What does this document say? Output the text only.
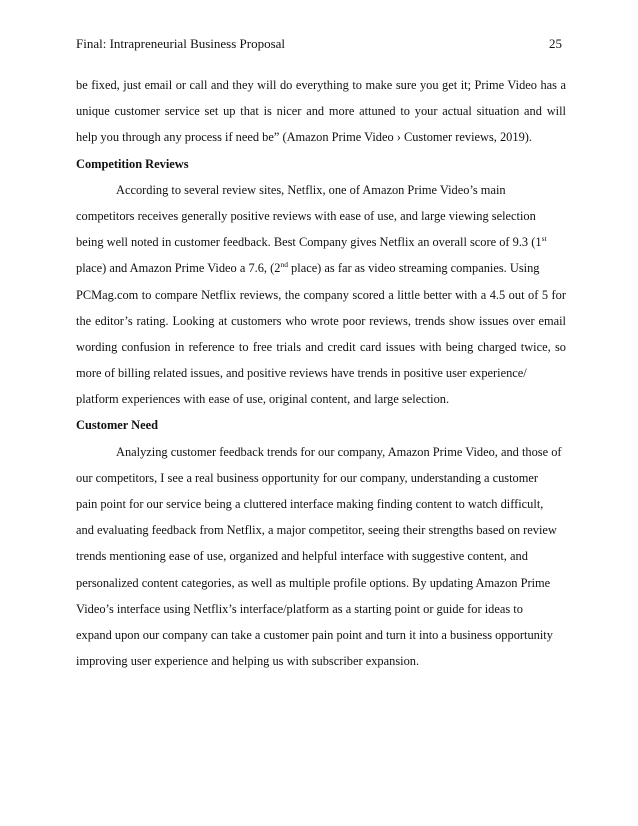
Final: Intrapreneurial Business Proposal	25
be fixed, just email or call and they will do everything to make sure you get it; Prime Video has a
unique customer service set up that is nicer and more attuned to your actual situation and will
help you through any process if need be” (Amazon Prime Video › Customer reviews, 2019).
Competition Reviews
According to several review sites, Netflix, one of Amazon Prime Video’s main
competitors receives generally positive reviews with ease of use, and large viewing selection
being well noted in customer feedback. Best Company gives Netflix an overall score of 9.3 (1st
place) and Amazon Prime Video a 7.6, (2nd place) as far as video streaming companies. Using
PCMag.com to compare Netflix reviews, the company scored a little better with a 4.5 out of 5 for
the editor’s rating. Looking at customers who wrote poor reviews, trends show issues over email
wording confusion in reference to free trials and credit card issues with being charged twice, so
more of billing related issues, and positive reviews have trends in positive user experience/
platform experiences with ease of use, original content, and large selection.
Customer Need
Analyzing customer feedback trends for our company, Amazon Prime Video, and those of
our competitors, I see a real business opportunity for our company, understanding a customer
pain point for our service being a cluttered interface making finding content to watch difficult,
and evaluating feedback from Netflix, a major competitor, seeing their strengths based on review
trends mentioning ease of use, organized and helpful interface with suggestive content, and
personalized content categories, as well as multiple profile options. By updating Amazon Prime
Video’s interface using Netflix’s interface/platform as a starting point or guide for ideas to
expand upon our company can take a customer pain point and turn it into a business opportunity
improving user experience and helping us with subscriber expansion.
